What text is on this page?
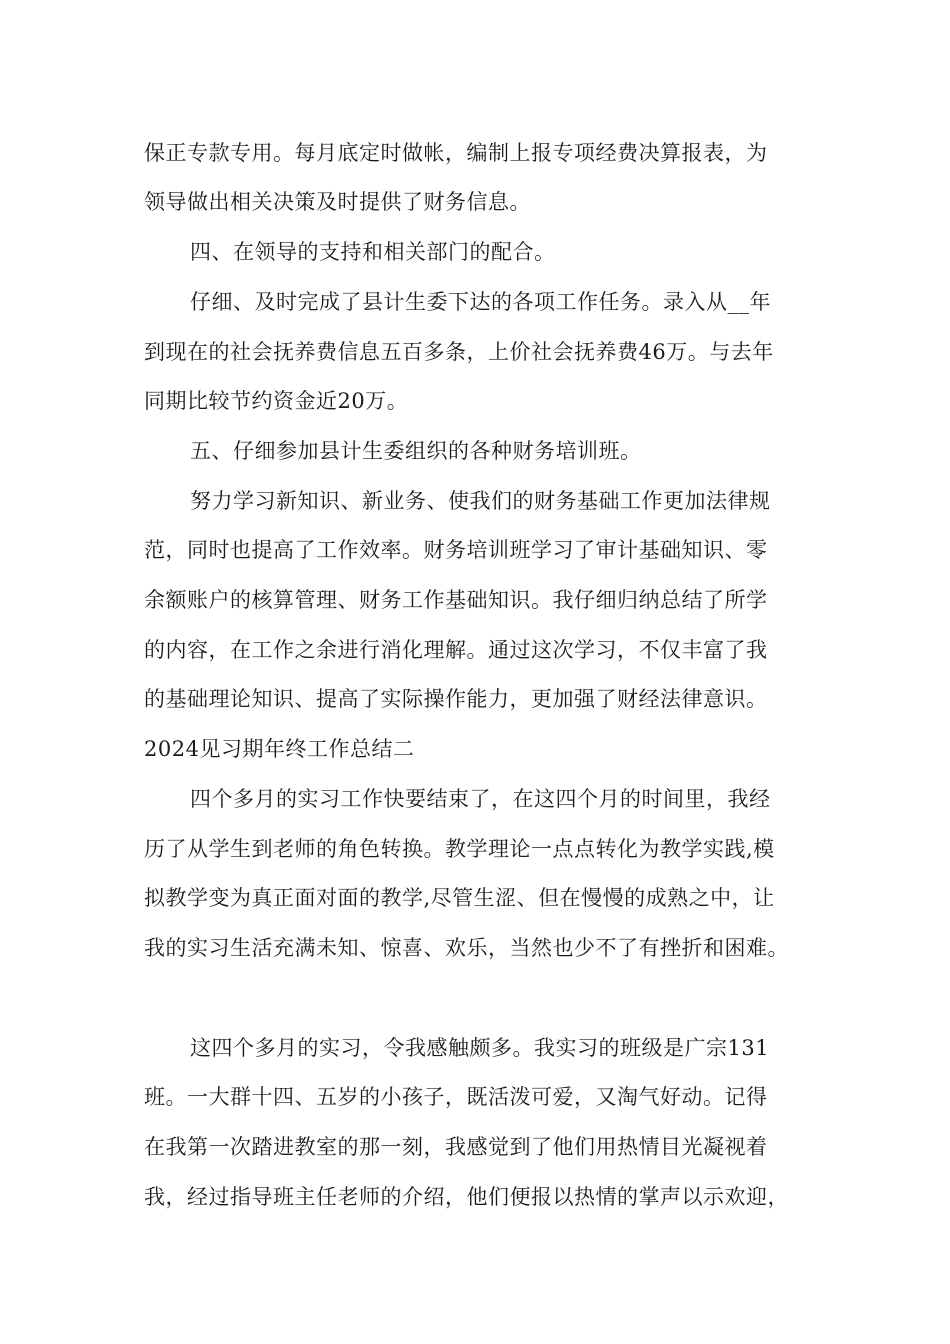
保正专款专用。每月底定时做帐，编制上报专项经费决算报表，为
领导做出相关决策及时提供了财务信息。
四、在领导的支持和相关部门的配合。
仔细、及时完成了县计生委下达的各项工作任务。录入从__年
到现在的社会抚养费信息五百多条，上价社会抚养费46万。与去年
同期比较节约资金近20万。
五、仔细参加县计生委组织的各种财务培训班。
努力学习新知识、新业务、使我们的财务基础工作更加法律规
范，同时也提高了工作效率。财务培训班学习了审计基础知识、零
余额账户的核算管理、财务工作基础知识。我仔细归纳总结了所学
的内容，在工作之余进行消化理解。通过这次学习，不仅丰富了我
的基础理论知识、提高了实际操作能力，更加强了财经法律意识。
2024见习期年终工作总结二
四个多月的实习工作快要结束了，在这四个月的时间里，我经
历了从学生到老师的角色转换。教学理论一点点转化为教学实践,模
拟教学变为真正面对面的教学,尽管生涩、但在慢慢的成熟之中，让
我的实习生活充满未知、惊喜、欢乐，当然也少不了有挫折和困难。
这四个多月的实习，令我感触颇多。我实习的班级是广宗131
班。一大群十四、五岁的小孩子，既活泼可爱，又淘气好动。记得
在我第一次踏进教室的那一刻，我感觉到了他们用热情目光凝视着
我，经过指导班主任老师的介绍，他们便报以热情的掌声以示欢迎，
